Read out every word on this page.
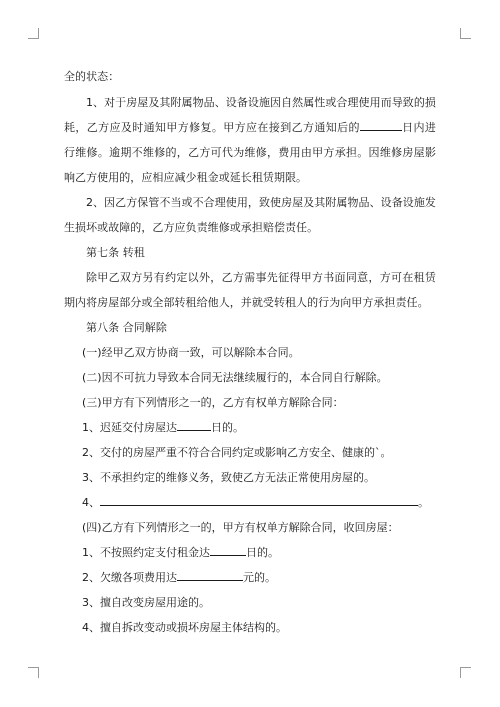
全的状态：

1、对于房屋及其附属物品、设备设施因自然属性或合理使用而导致的损耗，乙方应及时通知甲方修复。甲方应在接到乙方通知后的	日内进行维修。逾期不维修的，乙方可代为维修，费用由甲方承担。因维修房屋影响乙方使用的，应相应减少租金或延长租赁期限。

2、因乙方保管不当或不合理使用，致使房屋及其附属物品、设备设施发生损坏或故障的，乙方应负责维修或承担赔偿责任。

第七条 转租

除甲乙双方另有约定以外，乙方需事先征得甲方书面同意，方可在租赁期内将房屋部分或全部转租给他人，并就受转租人的行为向甲方承担责任。

第八条 合同解除

(一)经甲乙双方协商一致，可以解除本合同。

(二)因不可抗力导致本合同无法继续履行的，本合同自行解除。

(三)甲方有下列情形之一的，乙方有权单方解除合同：

1、迟延交付房屋达	日的。

2、交付的房屋严重不符合合同约定或影响乙方安全、健康的`。

3、不承担约定的维修义务，致使乙方无法正常使用房屋的。

4、	。

(四)乙方有下列情形之一的，甲方有权单方解除合同，收回房屋：

1、不按照约定支付租金达	日的。

2、欠缴各项费用达	元的。

3、擅自改变房屋用途的。

4、擅自拆改变动或损坏房屋主体结构的。
